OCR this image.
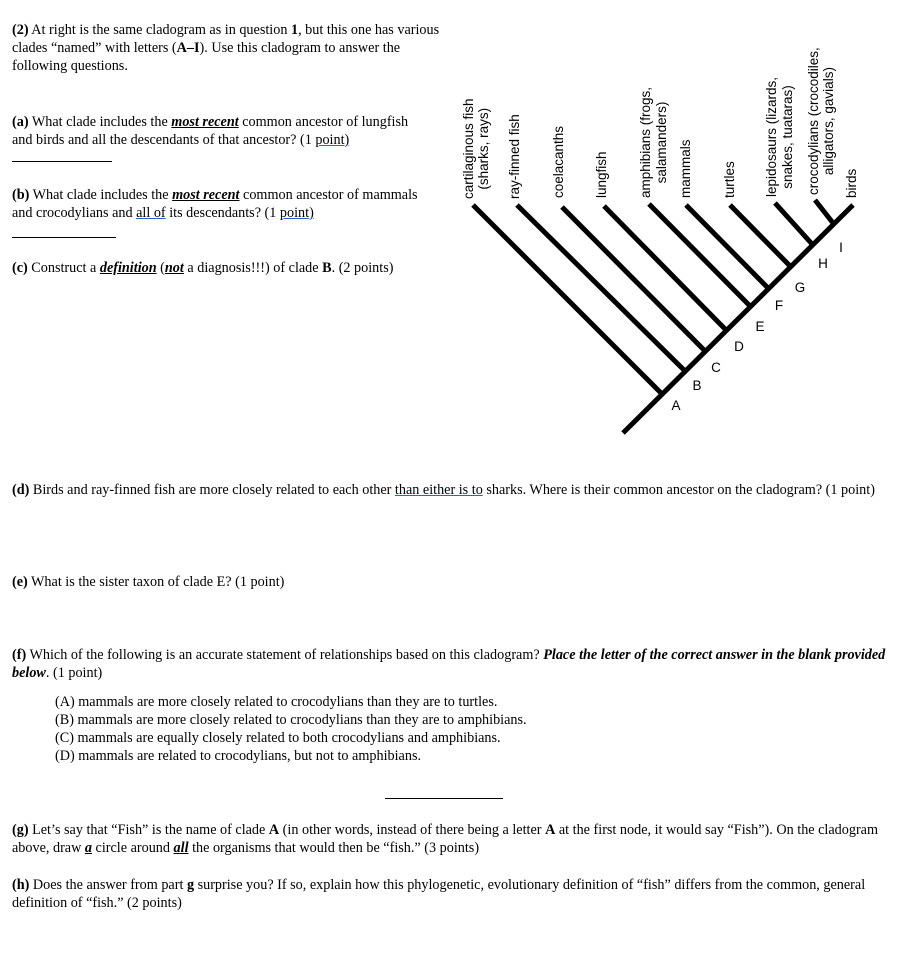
(2) At right is the same cladogram as in question 1, but this one has various clades “named” with letters (A–I). Use this cladogram to answer the following questions.
(a) What clade includes the most recent common ancestor of lungfish and birds and all the descendants of that ancestor? (1 point)
(b) What clade includes the most recent common ancestor of mammals and crocodylians and all of its descendants? (1 point)
(c) Construct a definition (not a diagnosis!!!) of clade B. (2 points)
cartilaginous fish (sharks, rays) ray-finned fish coelacanths lungfish amphibians (frogs, salamanders) mammals turtles lepidosaurs (lizards, snakes, tuataras) crocodylians (crocodiles, alligators, gavials)
birds
A
B
C
D
E
F
G
H
I
(d) Birds and ray-finned fish are more closely related to each other than either is to sharks. Where is their common ancestor on the cladogram? (1 point)
(e) What is the sister taxon of clade E? (1 point)
(f) Which of the following is an accurate statement of relationships based on this cladogram? Place the letter of the correct answer in the blank provided below. (1 point)
(A) mammals are more closely related to crocodylians than they are to turtles.
(B) mammals are more closely related to crocodylians than they are to amphibians.
(C) mammals are equally closely related to both crocodylians and amphibians.
(D) mammals are related to crocodylians, but not to amphibians.
(g) Let’s say that “Fish” is the name of clade A (in other words, instead of there being a letter A at the first node, it would say “Fish”). On the cladogram above, draw a circle around all the organisms that would then be “fish.” (3 points)
(h) Does the answer from part g surprise you? If so, explain how this phylogenetic, evolutionary definition of “fish” differs from the common, general definition of “fish.” (2 points)
